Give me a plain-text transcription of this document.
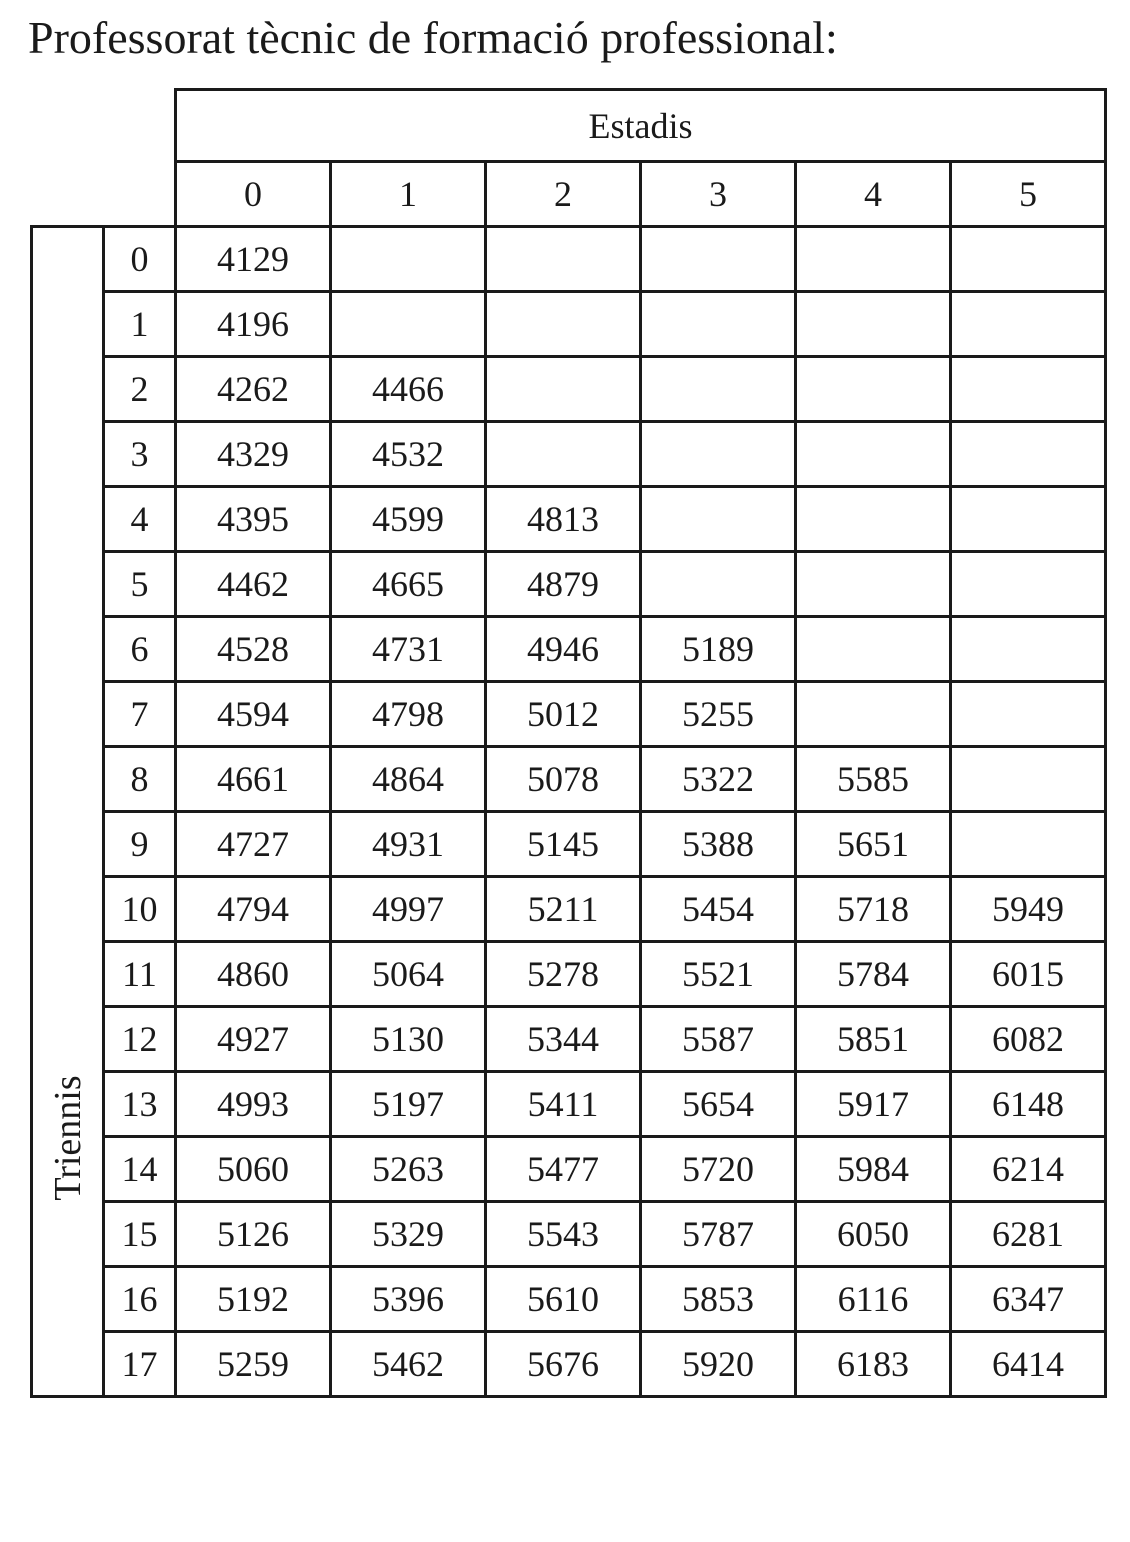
Professorat tècnic de formació professional:
		Estadis					
		0	1	2	3	4	5

Triennis	0	4129					
	1	4196					
	2	4262	4466				
	3	4329	4532				
	4	4395	4599	4813			
	5	4462	4665	4879			
	6	4528	4731	4946	5189		
	7	4594	4798	5012	5255		
	8	4661	4864	5078	5322	5585	
	9	4727	4931	5145	5388	5651	
	10	4794	4997	5211	5454	5718	5949
	11	4860	5064	5278	5521	5784	6015
	12	4927	5130	5344	5587	5851	6082
	13	4993	5197	5411	5654	5917	6148
	14	5060	5263	5477	5720	5984	6214
	15	5126	5329	5543	5787	6050	6281
	16	5192	5396	5610	5853	6116	6347
	17	5259	5462	5676	5920	6183	6414
